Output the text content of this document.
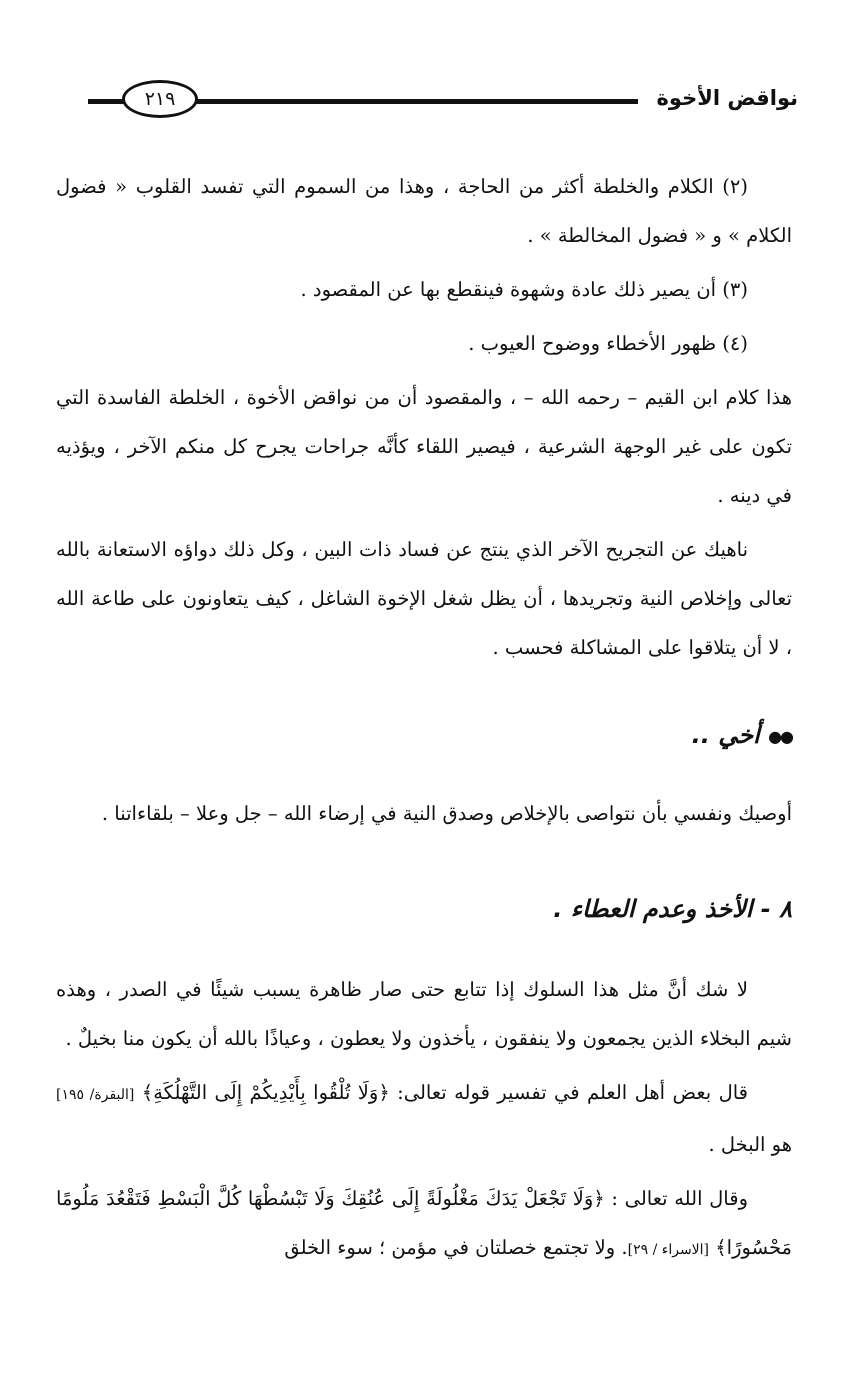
نواقض الأخوة
٢١٩

(٢) الكلام والخلطة أكثر من الحاجة ، وهذا من السموم التي تفسد القلوب « فضول الكلام » و « فضول المخالطة » .

(٣) أن يصير ذلك عادة وشهوة فينقطع بها عن المقصود .

(٤) ظهور الأخطاء ووضوح العيوب .

هذا كلام ابن القيم – رحمه الله – ، والمقصود أن من نواقض الأخوة ، الخلطة الفاسدة التي تكون على غير الوجهة الشرعية ، فيصير اللقاء كأنَّه جراحات يجرح كل منكم الآخر ، ويؤذيه في دينه .

ناهيك عن التجريح الآخر الذي ينتج عن فساد ذات البين ، وكل ذلك دواؤه الاستعانة بالله تعالى وإخلاص النية وتجريدها ، أن يظل شغل الإخوة الشاغل ، كيف يتعاونون على طاعة الله ، لا أن يتلاقوا على المشاكلة فحسب .

●● أخي ..

أوصيك ونفسي بأن نتواصى بالإخلاص وصدق النية في إرضاء الله – جل وعلا – بلقاءاتنا .

٨ - الأخذ وعدم العطاء .

لا شك أنَّ مثل هذا السلوك إذا تتابع حتى صار ظاهرة يسبب شيئًا في الصدر ، وهذه شيم البخلاء الذين يجمعون ولا ينفقون ، يأخذون ولا يعطون ، وعياذًا بالله أن يكون منا بخيلٌ .

قال بعض أهل العلم في تفسير قوله تعالى: ﴿وَلَا تُلْقُوا بِأَيْدِيكُمْ إِلَى التَّهْلُكَةِ﴾ [البقرة/ ١٩٥] هو البخل .

وقال الله تعالى : ﴿وَلَا تَجْعَلْ يَدَكَ مَغْلُولَةً إِلَى عُنُقِكَ وَلَا تَبْسُطْهَا كُلَّ الْبَسْطِ فَتَقْعُدَ مَلُومًا مَحْسُورًا﴾ [الاسراء / ٢٩]. ولا تجتمع خصلتان في مؤمن ؛ سوء الخلق
